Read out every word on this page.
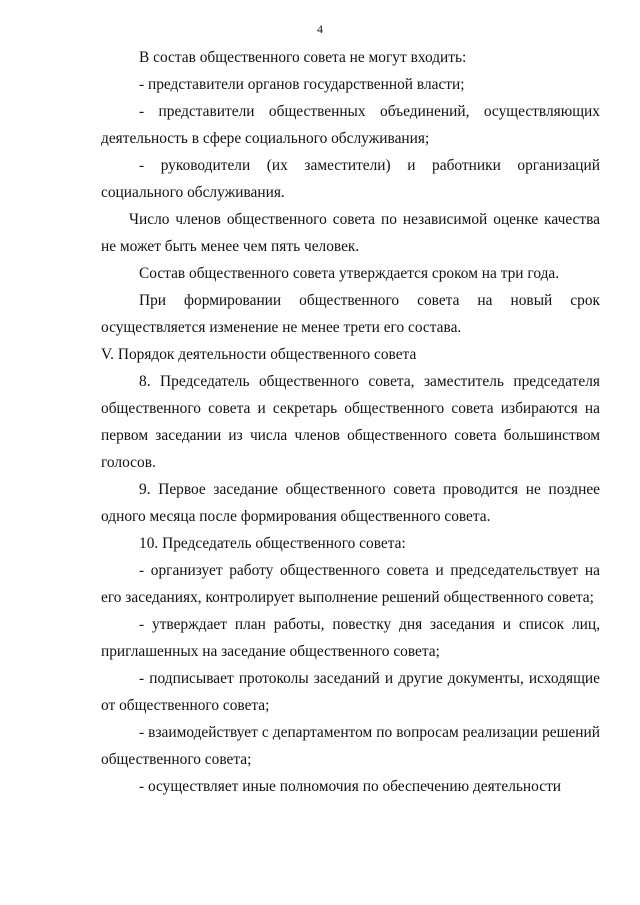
4

В состав общественного совета не могут входить:

- представители органов государственной власти;

- представители общественных объединений, осуществляющих деятельность в сфере социального обслуживания;

- руководители (их заместители) и работники организаций социального обслуживания.

Число членов общественного совета по независимой оценке качества не может быть менее чем пять человек.

Состав общественного совета утверждается сроком на три года.

При формировании общественного совета на новый срок осуществляется изменение не менее трети его состава.

V. Порядок деятельности общественного совета

8. Председатель общественного совета, заместитель председателя общественного совета и секретарь общественного совета избираются на первом заседании из числа членов общественного совета большинством голосов.

9. Первое заседание общественного совета проводится не позднее одного месяца после формирования общественного совета.

10. Председатель общественного совета:

- организует работу общественного совета и председательствует на его заседаниях, контролирует выполнение решений общественного совета;

- утверждает план работы, повестку дня заседания и список лиц, приглашенных на заседание общественного совета;

- подписывает протоколы заседаний и другие документы, исходящие от общественного совета;

- взаимодействует с департаментом по вопросам реализации решений общественного совета;

- осуществляет иные полномочия по обеспечению деятельности
